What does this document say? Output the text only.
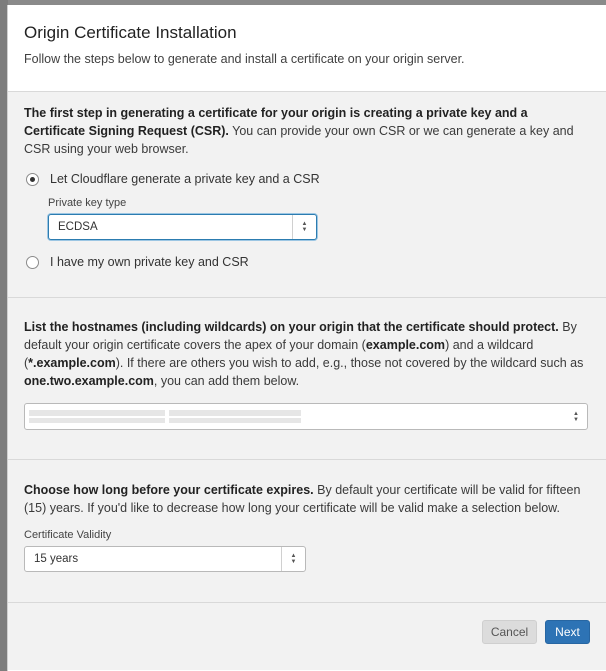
Origin Certificate Installation
Follow the steps below to generate and install a certificate on your origin server.

The first step in generating a certificate for your origin is creating a private key and a Certificate Signing Request (CSR). You can provide your own CSR or we can generate a key and CSR using your web browser.

Let Cloudflare generate a private key and a CSR
Private key type
ECDSA	▲
▼
I have my own private key and CSR

List the hostnames (including wildcards) on your origin that the certificate should protect. By default your origin certificate covers the apex of your domain (example.com) and a wildcard (*.example.com). If there are others you wish to add, e.g., those not covered by the wildcard such as one.two.example.com, you can add them below.

▲
▼

Choose how long before your certificate expires. By default your certificate will be valid for fifteen (15) years. If you'd like to decrease how long your certificate will be valid make a selection below.

Certificate Validity
15 years	▲
▼
Cancel	Next
